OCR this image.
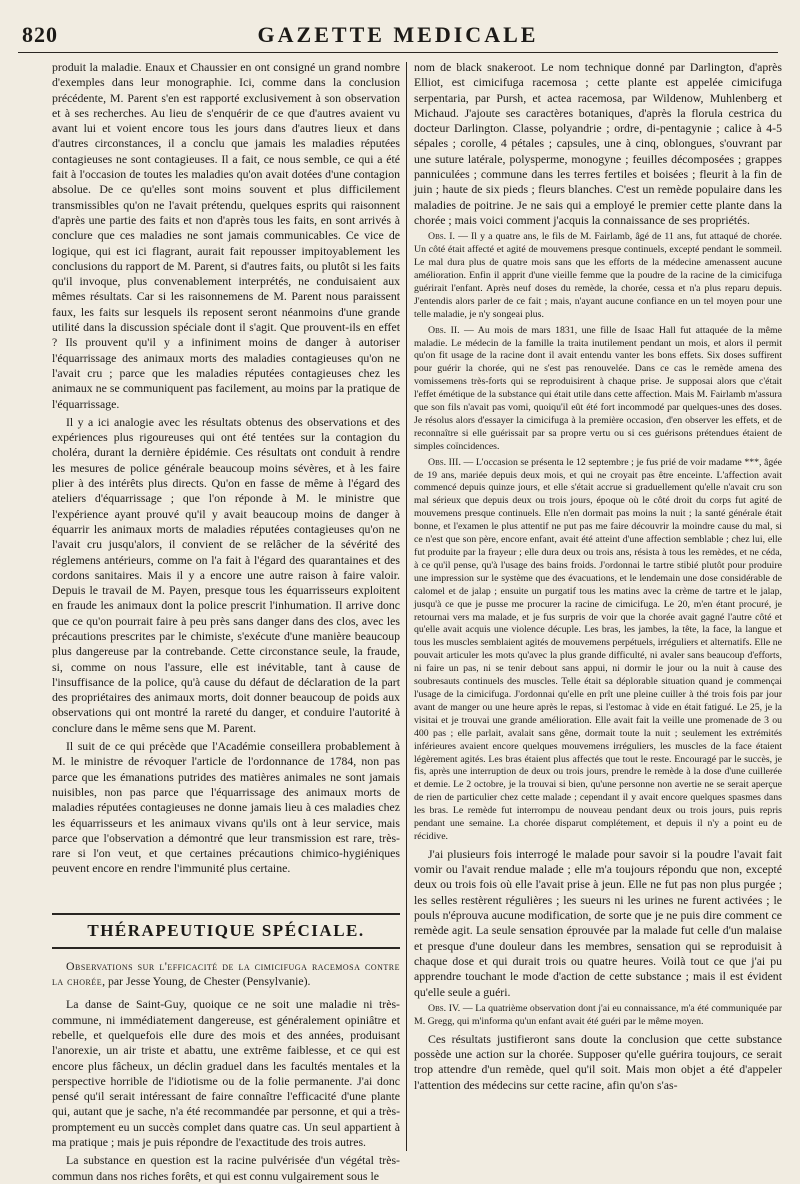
820	GAZETTE MEDICALE

produit la maladie. Enaux et Chaussier en ont consigné un grand nombre d'exemples dans leur monographie. Ici, comme dans la conclusion précédente, M. Parent s'en est rapporté exclusivement à son observation et à ses recherches. Au lieu de s'enquérir de ce que d'autres avaient vu avant lui et voient encore tous les jours dans d'autres lieux et dans d'autres circonstances, il a conclu que jamais les maladies réputées contagieuses ne sont contagieuses. Il a fait, ce nous semble, ce qui a été fait à l'occasion de toutes les maladies qu'on avait dotées d'une contagion absolue. De ce qu'elles sont moins souvent et plus difficilement transmissibles qu'on ne l'avait prétendu, quelques esprits qui raisonnent d'après une partie des faits et non d'après tous les faits, en sont arrivés à conclure que ces maladies ne sont jamais communicables. Ce vice de logique, qui est ici flagrant, aurait fait repousser impitoyablement les conclusions du rapport de M. Parent, si d'autres faits, ou plutôt si les faits qu'il invoque, plus convenablement interprétés, ne conduisaient aux mêmes résultats. Car si les raisonnemens de M. Parent nous paraissent faux, les faits sur lesquels ils reposent seront néanmoins d'une grande utilité dans la discussion spéciale dont il s'agit. Que prouvent-ils en effet ? Ils prouvent qu'il y a infiniment moins de danger à autoriser l'équarrissage des animaux morts des maladies contagieuses qu'on ne l'avait cru ; parce que les maladies réputées contagieuses chez les animaux ne se communiquent pas facilement, au moins par la pratique de l'équarrissage.

Il y a ici analogie avec les résultats obtenus des observations et des expériences plus rigoureuses qui ont été tentées sur la contagion du choléra, durant la dernière épidémie. Ces résultats ont conduit à rendre les mesures de police générale beaucoup moins sévères, et à les faire plier à des intérêts plus directs. Qu'on en fasse de même à l'égard des ateliers d'équarrissage ; que l'on réponde à M. le ministre que l'expérience ayant prouvé qu'il y avait beaucoup moins de danger à équarrir les animaux morts de maladies réputées contagieuses qu'on ne l'avait cru jusqu'alors, il convient de se relâcher de la sévérité des réglemens antérieurs, comme on l'a fait à l'égard des quarantaines et des cordons sanitaires. Mais il y a encore une autre raison à faire valoir. Depuis le travail de M. Payen, presque tous les équarrisseurs exploitent en fraude les animaux dont la police prescrit l'inhumation. Il arrive donc que ce qu'on pourrait faire à peu près sans danger dans des clos, avec les précautions prescrites par le chimiste, s'exécute d'une manière beaucoup plus dangereuse par la contrebande. Cette circonstance seule, la fraude, si, comme on nous l'assure, elle est inévitable, tant à cause de l'insuffisance de la police, qu'à cause du défaut de déclaration de la part des propriétaires des animaux morts, doit donner beaucoup de poids aux observations qui ont montré la rareté du danger, et conduire l'autorité à conclure dans le même sens que M. Parent.

Il suit de ce qui précède que l'Académie conseillera probablement à M. le ministre de révoquer l'article de l'ordonnance de 1784, non pas parce que les émanations putrides des matières animales ne sont jamais nuisibles, non pas parce que l'équarrissage des animaux morts de maladies réputées contagieuses ne donne jamais lieu à ces maladies chez les équarrisseurs et les animaux vivans qu'ils ont à leur service, mais parce que l'observation a démontré que leur transmission est rare, très-rare si l'on veut, et que certaines précautions chimico-hygiéniques peuvent encore en rendre l'immunité plus certaine.

THÉRAPEUTIQUE SPÉCIALE.
Observations sur l'efficacité de la cimicifuga racemosa contre la chorée, par Jesse Young, de Chester (Pensylvanie).

La danse de Saint-Guy, quoique ce ne soit une maladie ni très-commune, ni immédiatement dangereuse, est généralement opiniâtre et rebelle, et quelquefois elle dure des mois et des années, produisant l'anorexie, un air triste et abattu, une extrême faiblesse, et ce qui est encore plus fâcheux, un déclin graduel dans les facultés mentales et la perspective horrible de l'idiotisme ou de la folie permanente. J'ai donc pensé qu'il serait intéressant de faire connaître l'efficacité d'une plante qui, autant que je sache, n'a été recommandée par personne, et qui a très-promptement eu un succès complet dans quatre cas. Un seul appartient à ma pratique ; mais je puis répondre de l'exactitude des trois autres.

La substance en question est la racine pulvérisée d'un végétal très-commun dans nos riches forêts, et qui est connu vulgairement sous le

nom de black snakeroot. Le nom technique donné par Darlington, d'après Elliot, est cimicifuga racemosa ; cette plante est appelée cimicifuga serpentaria, par Pursh, et actea racemosa, par Wildenow, Muhlenberg et Michaud. J'ajoute ses caractères botaniques, d'après la florula cestrica du docteur Darlington. Classe, polyandrie ; ordre, di-pentagynie ; calice à 4-5 sépales ; corolle, 4 pétales ; capsules, une à cinq, oblongues, s'ouvrant par une suture latérale, polysperme, monogyne ; feuilles décomposées ; grappes panniculées ; commune dans les terres fertiles et boisées ; fleurit à la fin de juin ; haute de six pieds ; fleurs blanches. C'est un remède populaire dans les maladies de poitrine. Je ne sais qui a employé le premier cette plante dans la chorée ; mais voici comment j'acquis la connaissance de ses propriétés.

Obs. I. — Il y a quatre ans, le fils de M. Fairlamb, âgé de 11 ans, fut attaqué de chorée. Un côté était affecté et agité de mouvemens presque continuels, excepté pendant le sommeil. Le mal dura plus de quatre mois sans que les efforts de la médecine amenassent aucune amélioration. Enfin il apprit d'une vieille femme que la poudre de la racine de la cimicifuga guérirait l'enfant. Après neuf doses du remède, la chorée, cessa et n'a plus reparu depuis. J'entendis alors parler de ce fait ; mais, n'ayant aucune confiance en un tel moyen pour une telle maladie, je n'y songeai plus.

Obs. II. — Au mois de mars 1831, une fille de Isaac Hall fut attaquée de la même maladie. Le médecin de la famille la traita inutilement pendant un mois, et alors il permit qu'on fit usage de la racine dont il avait entendu vanter les bons effets. Six doses suffirent pour guérir la chorée, qui ne s'est pas renouvelée. Dans ce cas le remède amena des vomissemens très-forts qui se reproduisirent à chaque prise. Je supposai alors que c'était l'effet émétique de la substance qui était utile dans cette affection. Mais M. Fairlamb m'assura que son fils n'avait pas vomi, quoiqu'il eût été fort incommodé par quelques-unes des doses. Je résolus alors d'essayer la cimicifuga à la première occasion, d'en observer les effets, et de reconnaître si elle guérissait par sa propre vertu ou si ces guérisons prétendues étaient de simples coïncidences.

Obs. III. — L'occasion se présenta le 12 septembre ; je fus prié de voir madame ***, âgée de 19 ans, mariée depuis deux mois, et qui ne croyait pas être enceinte. L'affection avait commencé depuis quinze jours, et elle s'était accrue si graduellement qu'elle n'avait cru son mal sérieux que depuis deux ou trois jours, époque où le côté droit du corps fut agité de mouvemens presque continuels. Elle n'en dormait pas moins la nuit ; la santé générale était bonne, et l'examen le plus attentif ne put pas me faire découvrir la moindre cause du mal, si ce n'est que son père, encore enfant, avait été atteint d'une affection semblable ; chez lui, elle fut produite par la frayeur ; elle dura deux ou trois ans, résista à tous les remèdes, et ne céda, à ce qu'il pense, qu'à l'usage des bains froids. J'ordonnai le tartre stibié plutôt pour produire une impression sur le système que des évacuations, et le lendemain une dose considérable de calomel et de jalap ; ensuite un purgatif tous les matins avec la crème de tartre et le jalap, jusqu'à ce que je pusse me procurer la racine de cimicifuga. Le 20, m'en étant procuré, je retournai vers ma malade, et je fus surpris de voir que la chorée avait gagné l'autre côté et qu'elle avait acquis une violence décuple. Les bras, les jambes, la tête, la face, la langue et tous les muscles semblaient agités de mouvemens perpétuels, irréguliers et alternatifs. Elle ne pouvait articuler les mots qu'avec la plus grande difficulté, ni avaler sans beaucoup d'efforts, ni faire un pas, ni se tenir debout sans appui, ni dormir le jour ou la nuit à cause des soubresauts continuels des muscles. Telle était sa déplorable situation quand je commençai l'usage de la cimicifuga. J'ordonnai qu'elle en prît une pleine cuiller à thé trois fois par jour avant de manger ou une heure après le repas, si l'estomac à vide en était fatigué. Le 25, je la visitai et je trouvai une grande amélioration. Elle avait fait la veille une promenade de 3 ou 400 pas ; elle parlait, avalait sans gêne, dormait toute la nuit ; seulement les extrémités inférieures avaient encore quelques mouvemens irréguliers, les muscles de la face étaient légèrement agités. Les bras étaient plus affectés que tout le reste. Encouragé par le succès, je fis, après une interruption de deux ou trois jours, prendre le remède à la dose d'une cuillerée et demie. Le 2 octobre, je la trouvai si bien, qu'une personne non avertie ne se serait aperçue de rien de particulier chez cette malade ; cependant il y avait encore quelques spasmes dans les bras. Le remède fut interrompu de nouveau pendant deux ou trois jours, puis repris pendant une semaine. La chorée disparut complétement, et depuis il n'y a point eu de récidive.

J'ai plusieurs fois interrogé le malade pour savoir si la poudre l'avait fait vomir ou l'avait rendue malade ; elle m'a toujours répondu que non, excepté deux ou trois fois où elle l'avait prise à jeun. Elle ne fut pas non plus purgée ; les selles restèrent régulières ; les sueurs ni les urines ne furent activées ; le pouls n'éprouva aucune modification, de sorte que je ne puis dire comment ce remède agit. La seule sensation éprouvée par la malade fut celle d'un malaise et presque d'une douleur dans les membres, sensation qui se reproduisit à chaque dose et qui durait trois ou quatre heures. Voilà tout ce que j'ai pu apprendre touchant le mode d'action de cette substance ; mais il est évident qu'elle seule a guéri.

Obs. IV. — La quatrième observation dont j'ai eu connaissance, m'a été communiquée par M. Gregg, qui m'informa qu'un enfant avait été guéri par le même moyen.

Ces résultats justifieront sans doute la conclusion que cette substance possède une action sur la chorée. Supposer qu'elle guérira toujours, ce serait trop attendre d'un remède, quel qu'il soit. Mais mon objet a été d'appeler l'attention des médecins sur cette racine, afin qu'on s'as-
